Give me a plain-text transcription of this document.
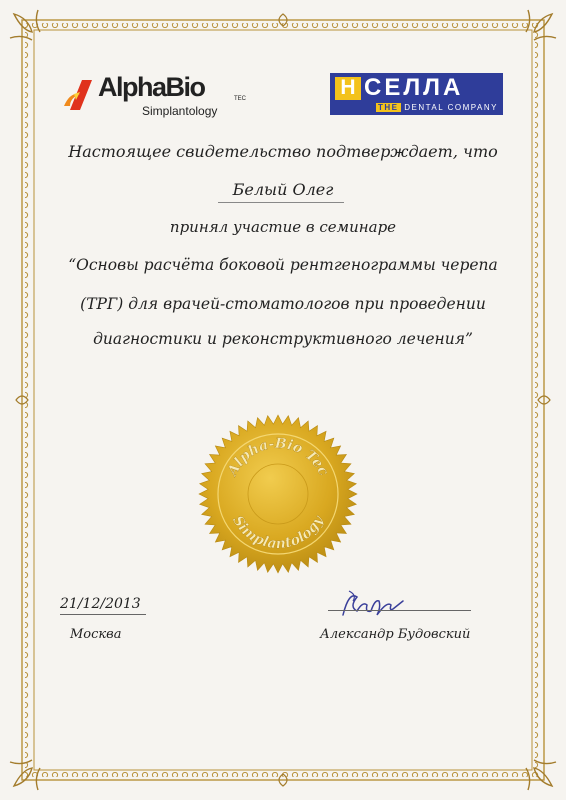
AlphaBio	TEC
Simplantology
Н СЕЛЛА
THE DENTAL COMPANY
Настоящее свидетельство подтверждает, что
Белый Олег
принял участие в семинаре
“Основы расчёта боковой рентгенограммы черепа
(ТРГ) для врачей-стоматологов при проведении
диагностики и реконструктивного лечения”
Alpha-Bio Tec
Simplantology
21/12/2013
Москва	Александр Будовский
